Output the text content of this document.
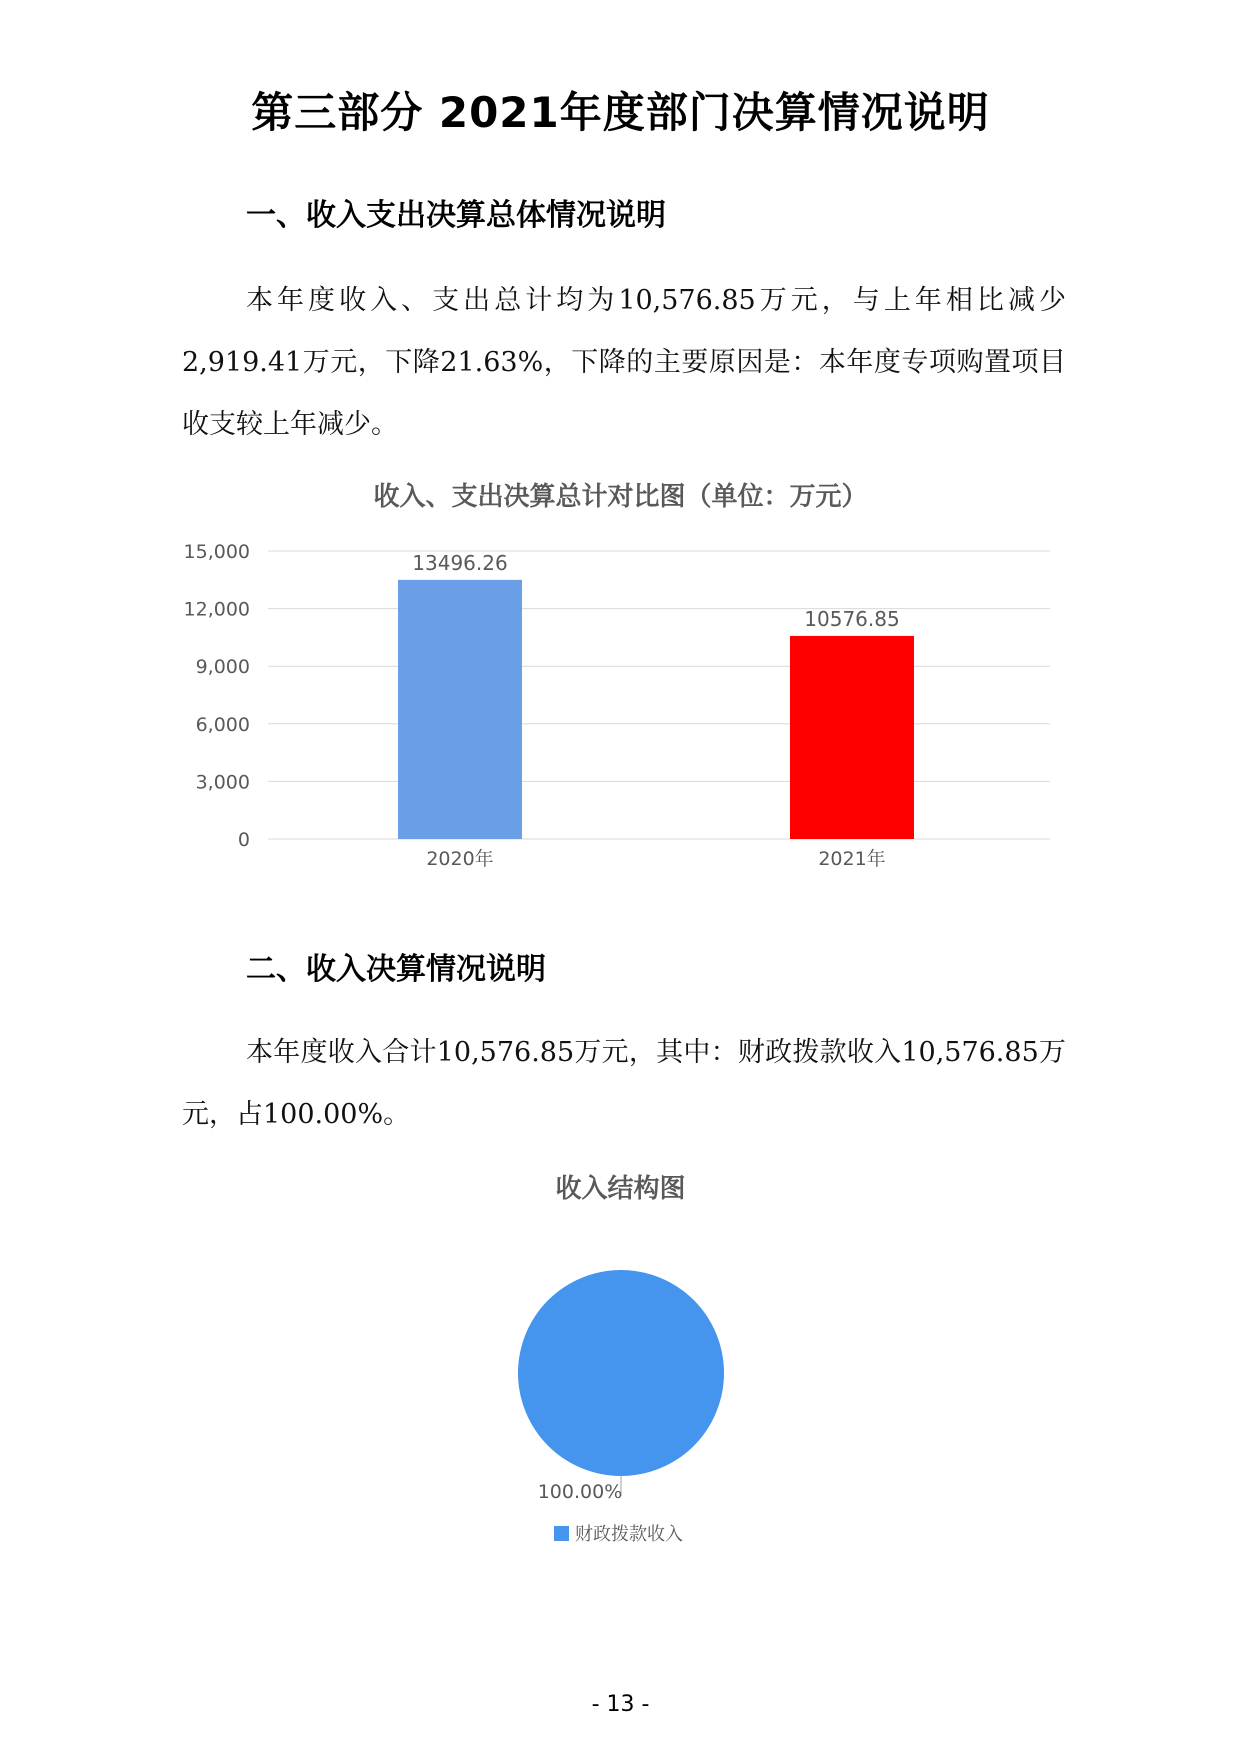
第三部分 2021年度部门决算情况说明
一、收入支出决算总体情况说明

本年度收入、支出总计均为10,576.85万元，与上年相比减少2,919.41万元，下降21.63%，下降的主要原因是：本年度专项购置项目收支较上年减少。

收入、支出决算总计对比图（单位：万元）
0
3,000
6,000
9,000
12,000
15,000	13496.26
10576.85
2020年	2021年
二、收入决算情况说明

本年度收入合计10,576.85万元，其中：财政拨款收入10,576.85万元，占100.00%。

收入结构图
100.00%
财政拨款收入
- 13 -
